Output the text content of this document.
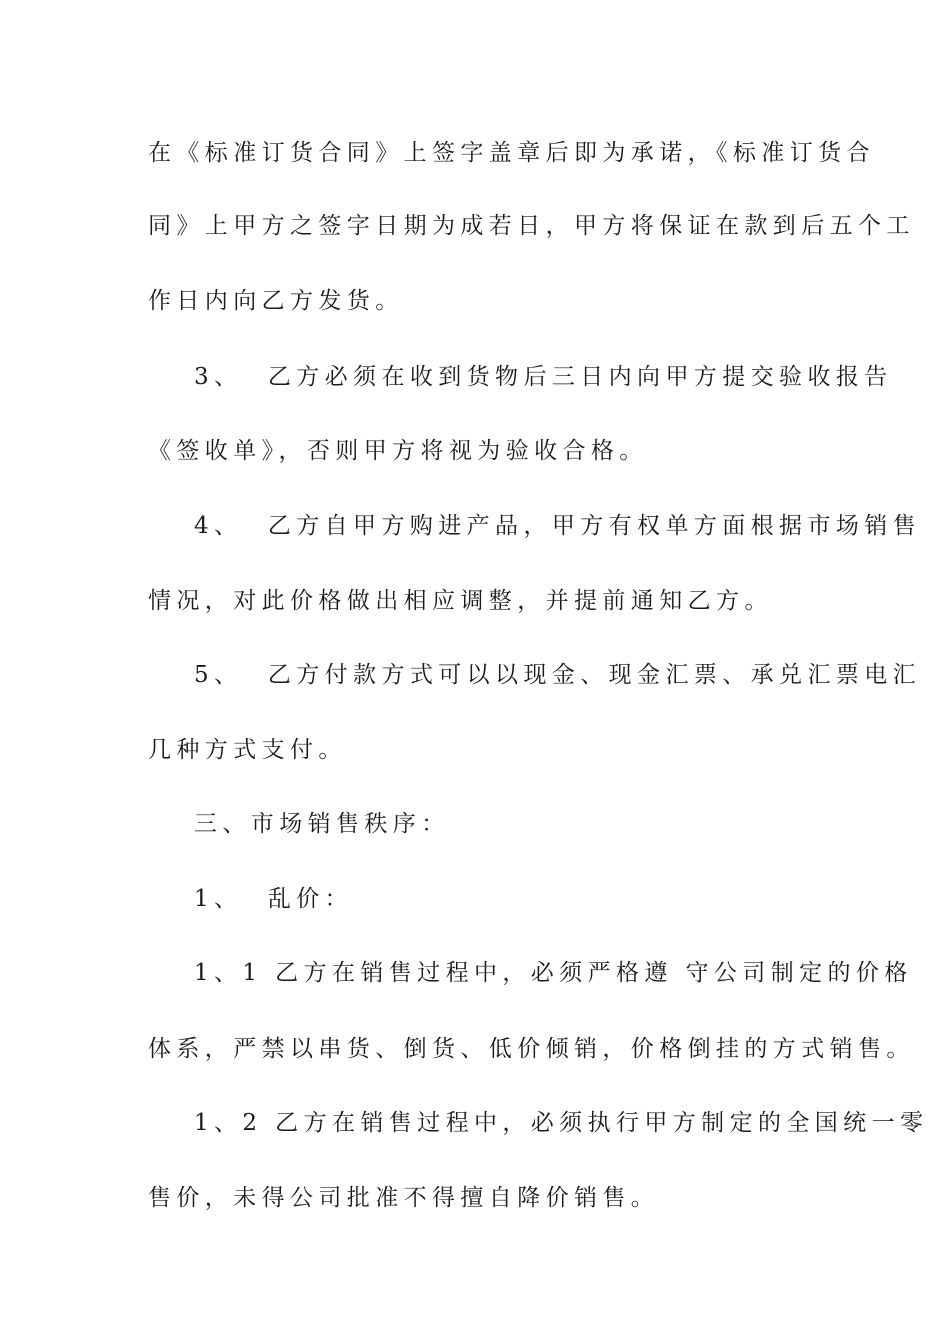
在《标准订货合同》上签字盖章后即为承诺，《标准订货合
同》上甲方之签字日期为成若日，甲方将保证在款到后五个工
作日内向乙方发货。
3、  乙方必须在收到货物后三日内向甲方提交验收报告
《签收单》，否则甲方将视为验收合格。
4、  乙方自甲方购进产品，甲方有权单方面根据市场销售
情况，对此价格做出相应调整，并提前通知乙方。
5、  乙方付款方式可以以现金、现金汇票、承兑汇票电汇
几种方式支付。
三、市场销售秩序：
1、  乱价：
1、1 乙方在销售过程中，必须严格遵 守公司制定的价格
体系，严禁以串货、倒货、低价倾销，价格倒挂的方式销售。
1、2 乙方在销售过程中，必须执行甲方制定的全国统一零
售价，未得公司批准不得擅自降价销售。
